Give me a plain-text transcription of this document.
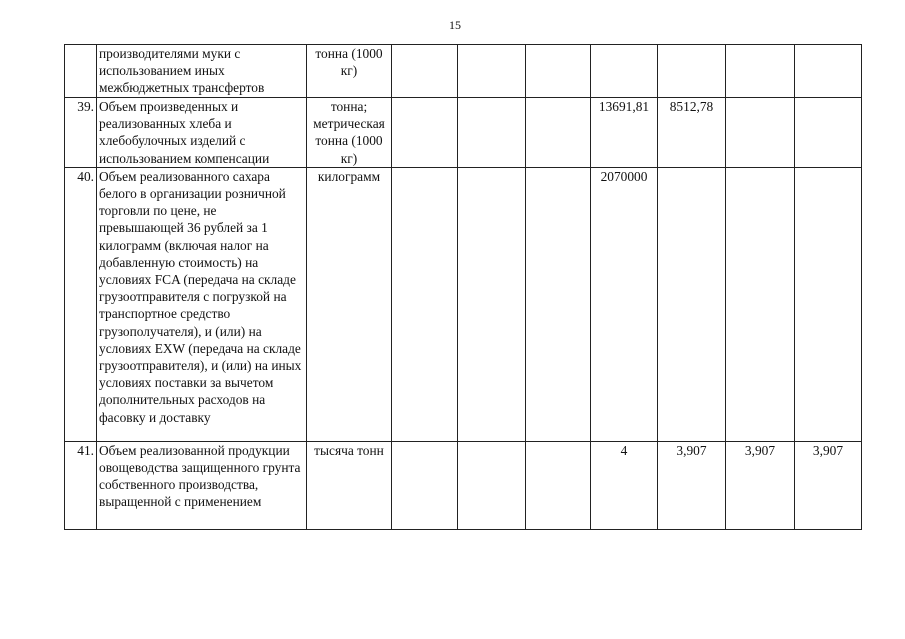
15
	производителями муки с использованием иных межбюджетных трансфертов	тонна (1000 кг)							
39.	Объем произведенных и реализованных хлеба и хлебобулочных изделий с использованием компенсации	тонна; метрическая тонна (1000 кг)				13691,81	8512,78		
40.	Объем реализованного сахара белого в организации розничной торговли по цене, не превышающей 36 рублей за 1 килограмм (включая налог на добавленную стоимость) на условиях FCA (передача на складе грузоотправителя с погрузкой на транспортное средство грузополучателя), и (или) на условиях EXW (передача на складе грузоотправителя), и (или) на иных условиях поставки за вычетом дополнительных расходов на фасовку и доставку	килограмм				2070000			
41.	Объем реализованной продукции овощеводства защищенного грунта собственного производства, выращенной с применением	тысяча тонн				4	3,907	3,907	3,907
